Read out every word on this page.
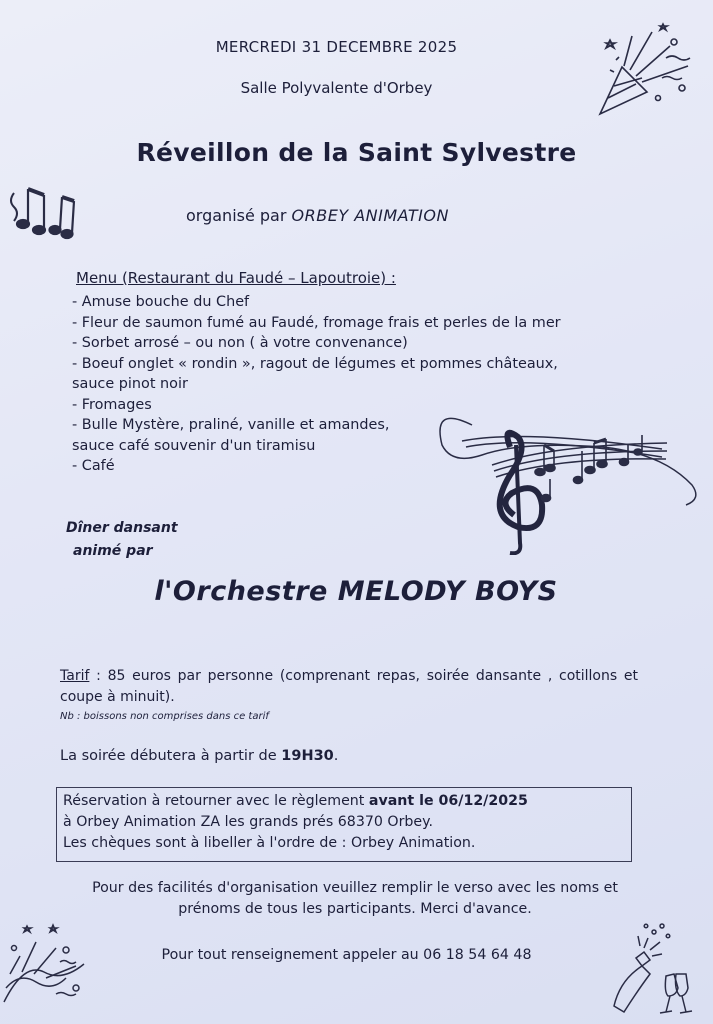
MERCREDI 31 DECEMBRE 2025
Salle Polyvalente d'Orbey
Réveillon de la Saint Sylvestre
organisé par ORBEY ANIMATION
Menu (Restaurant du Faudé – Lapoutroie) :
- Amuse bouche du Chef
- Fleur de saumon fumé au Faudé, fromage frais et perles de la mer
- Sorbet arrosé – ou non ( à votre convenance)
- Boeuf onglet « rondin », ragout de légumes et pommes châteaux,
sauce pinot noir
- Fromages
- Bulle Mystère, praliné, vanille et amandes,
sauce café souvenir d'un tiramisu
- Café
Dîner dansant
animé par
l'Orchestre MELODY BOYS
Tarif : 85 euros par personne (comprenant repas, soirée dansante , cotillons et coupe à minuit).
Nb : boissons non comprises dans ce tarif
La soirée débutera à partir de 19H30.
Réservation à retourner avec le règlement avant le 06/12/2025
à Orbey Animation ZA les grands prés 68370 Orbey.
Les chèques sont à libeller à l'ordre de : Orbey Animation.
Pour des facilités d'organisation veuillez remplir le verso avec les noms et
prénoms de tous les participants. Merci d'avance.
Pour tout renseignement appeler au 06 18 54 64 48
